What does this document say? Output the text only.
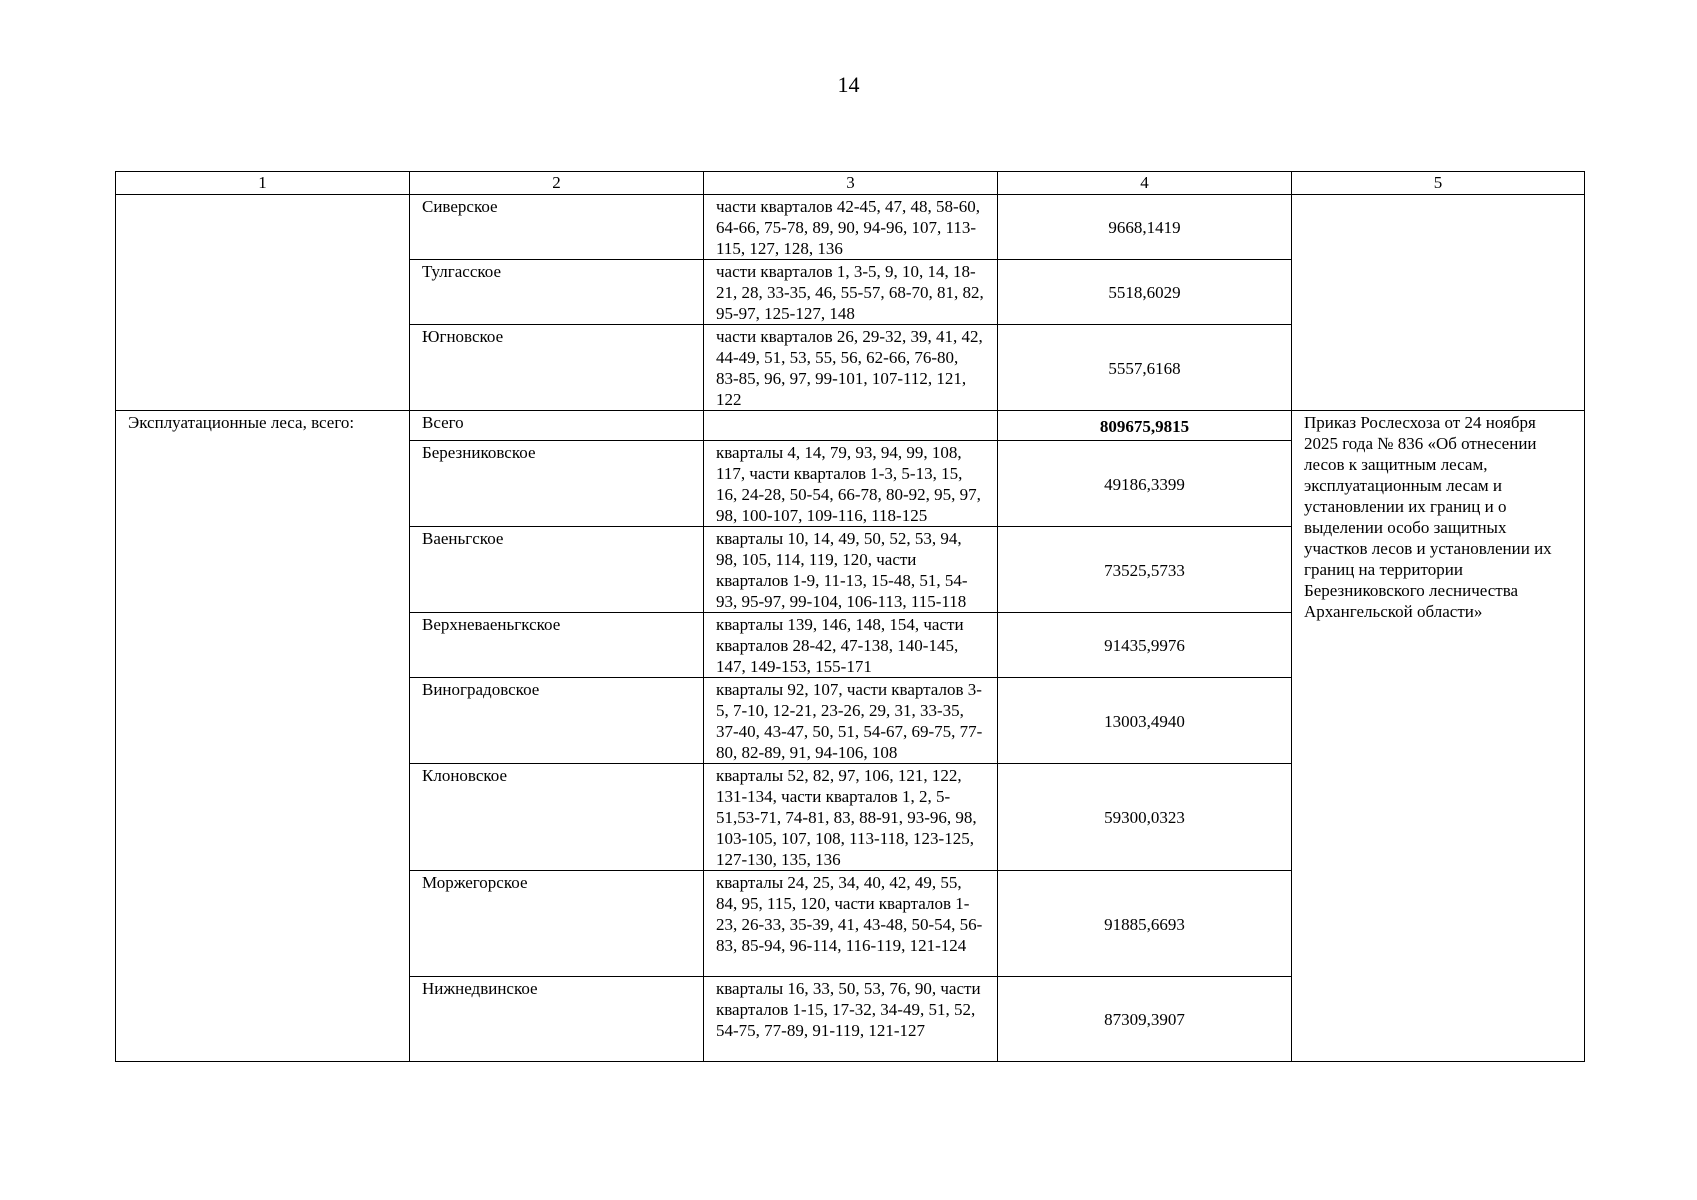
14
1	2	3	4	5
	Сиверское	части кварталов 42-45, 47, 48, 58-60, 64-66, 75-78, 89, 90, 94-96, 107, 113-115, 127, 128, 136	9668,1419	
	Тулгасское	части кварталов 1, 3-5, 9, 10, 14, 18-21, 28, 33-35, 46, 55-57, 68-70, 81, 82, 95-97, 125-127, 148	5518,6029	
	Югновское	части кварталов 26, 29-32, 39, 41, 42, 44-49, 51, 53, 55, 56, 62-66, 76-80, 83-85, 96, 97, 99-101, 107-112, 121, 122	5557,6168	
Эксплуатационные леса, всего:	Всего		809675,9815	Приказ Рослесхоза от 24 ноября 2025 года № 836 «Об отнесении лесов к защитным лесам, эксплуатационным лесам и установлении их границ и о выделении особо защитных участков лесов и установлении их границ на территории Березниковского лесничества Архангельской области»
	Березниковское	кварталы 4, 14, 79, 93, 94, 99, 108, 117, части кварталов 1-3, 5-13, 15, 16, 24-28, 50-54, 66-78, 80-92, 95, 97, 98, 100-107, 109-116, 118-125	49186,3399	
	Ваеньгское	кварталы 10, 14, 49, 50, 52, 53, 94, 98, 105, 114, 119, 120, части кварталов 1-9, 11-13, 15-48, 51, 54-93, 95-97, 99-104, 106-113, 115-118	73525,5733	
	Верхневаеньгкское	кварталы 139, 146, 148, 154, части кварталов 28-42, 47-138, 140-145, 147, 149-153, 155-171	91435,9976	
	Виноградовское	кварталы 92, 107, части кварталов 3-5, 7-10, 12-21, 23-26, 29, 31, 33-35, 37-40, 43-47, 50, 51, 54-67, 69-75, 77-80, 82-89, 91, 94-106, 108	13003,4940	
	Клоновское	кварталы 52, 82, 97, 106, 121, 122, 131-134, части кварталов 1, 2, 5-51,53-71, 74-81, 83, 88-91, 93-96, 98, 103-105, 107, 108, 113-118, 123-125, 127-130, 135, 136	59300,0323	
	Моржегорское	кварталы 24, 25, 34, 40, 42, 49, 55, 84, 95, 115, 120, части кварталов 1-23, 26-33, 35-39, 41, 43-48, 50-54, 56-83, 85-94, 96-114, 116-119, 121-124	91885,6693	
	Нижнедвинское	кварталы 16, 33, 50, 53, 76, 90, части кварталов 1-15, 17-32, 34-49, 51, 52, 54-75, 77-89, 91-119, 121-127	87309,3907	
